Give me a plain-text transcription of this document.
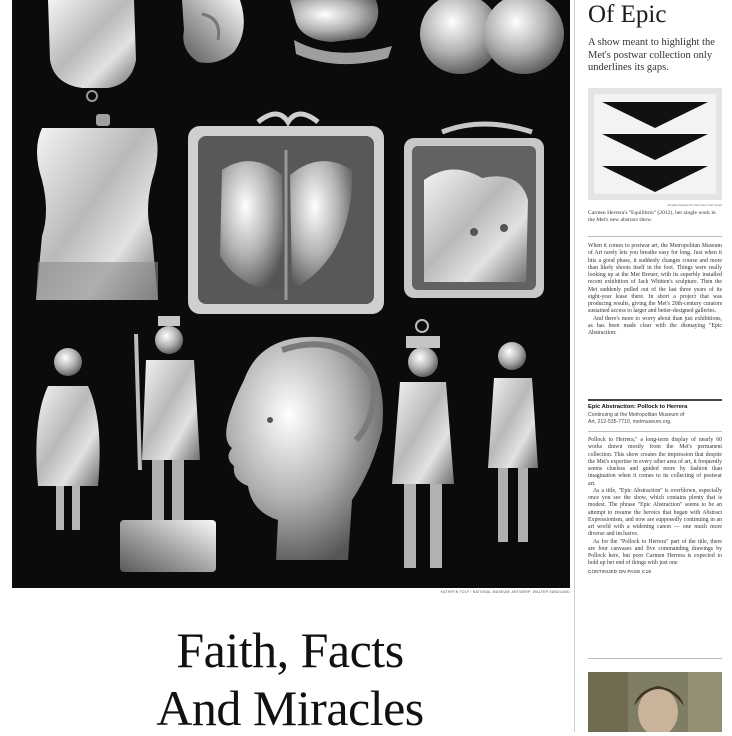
KATHRYN TOLF / NATIONAL MUSEUM, ANTWERP; WALTER SANDLAND
Faith, Facts
And Miracles
Of Epic
A show meant to highlight the Met's postwar collection only underlines its gaps.
Charles Roussel for The New York Times
Carmen Herrera's "Equilibrio" (2012), her single work in the Met's new abstract show.

When it comes to postwar art, the Metropolitan Museum of Art rarely lets you breathe easy for long. Just when it hits a good phase, it suddenly changes course and more than likely shoots itself in the foot. Things were really looking up at the Met Breuer, with its superbly installed recent exhibition of Jack Whitten's sculpture. Then the Met suddenly pulled out of the last three years of its eight-year lease there. In short a project that was producing results, giving the Met's 20th-century curators sustained access to larger and better-designed galleries.

And there's more to worry about than just exhibitions, as has been made clear with the dismaying "Epic Abstraction:

Epic Abstraction: Pollock to Herrera
Continuing at the Metropolitan Museum of
Art, 212-535-7710, metmuseum.org.

Pollock to Herrera," a long-term display of nearly 60 works drawn mostly from the Met's permanent collection. This show creates the impression that despite the Met's expertise in every other area of art, it frequently seems clueless and guided more by fashion than imagination when it comes to its collecting of postwar art.

As a title, "Epic Abstraction" is overblown, especially once you see the show, which contains plenty that is modest. The phrase "Epic Abstraction" seems to be an attempt to resume the heroics that began with Abstract Expressionism, and now are supposedly continuing in an art world with a widening canon — one much more diverse and inclusive.

As for the "Pollock to Herrera" part of the title, there are four canvases and five commanding drawings by Pollock here, but poor Carmen Herrera is expected to hold up her end of things with just one

CONTINUED ON PAGE C18
